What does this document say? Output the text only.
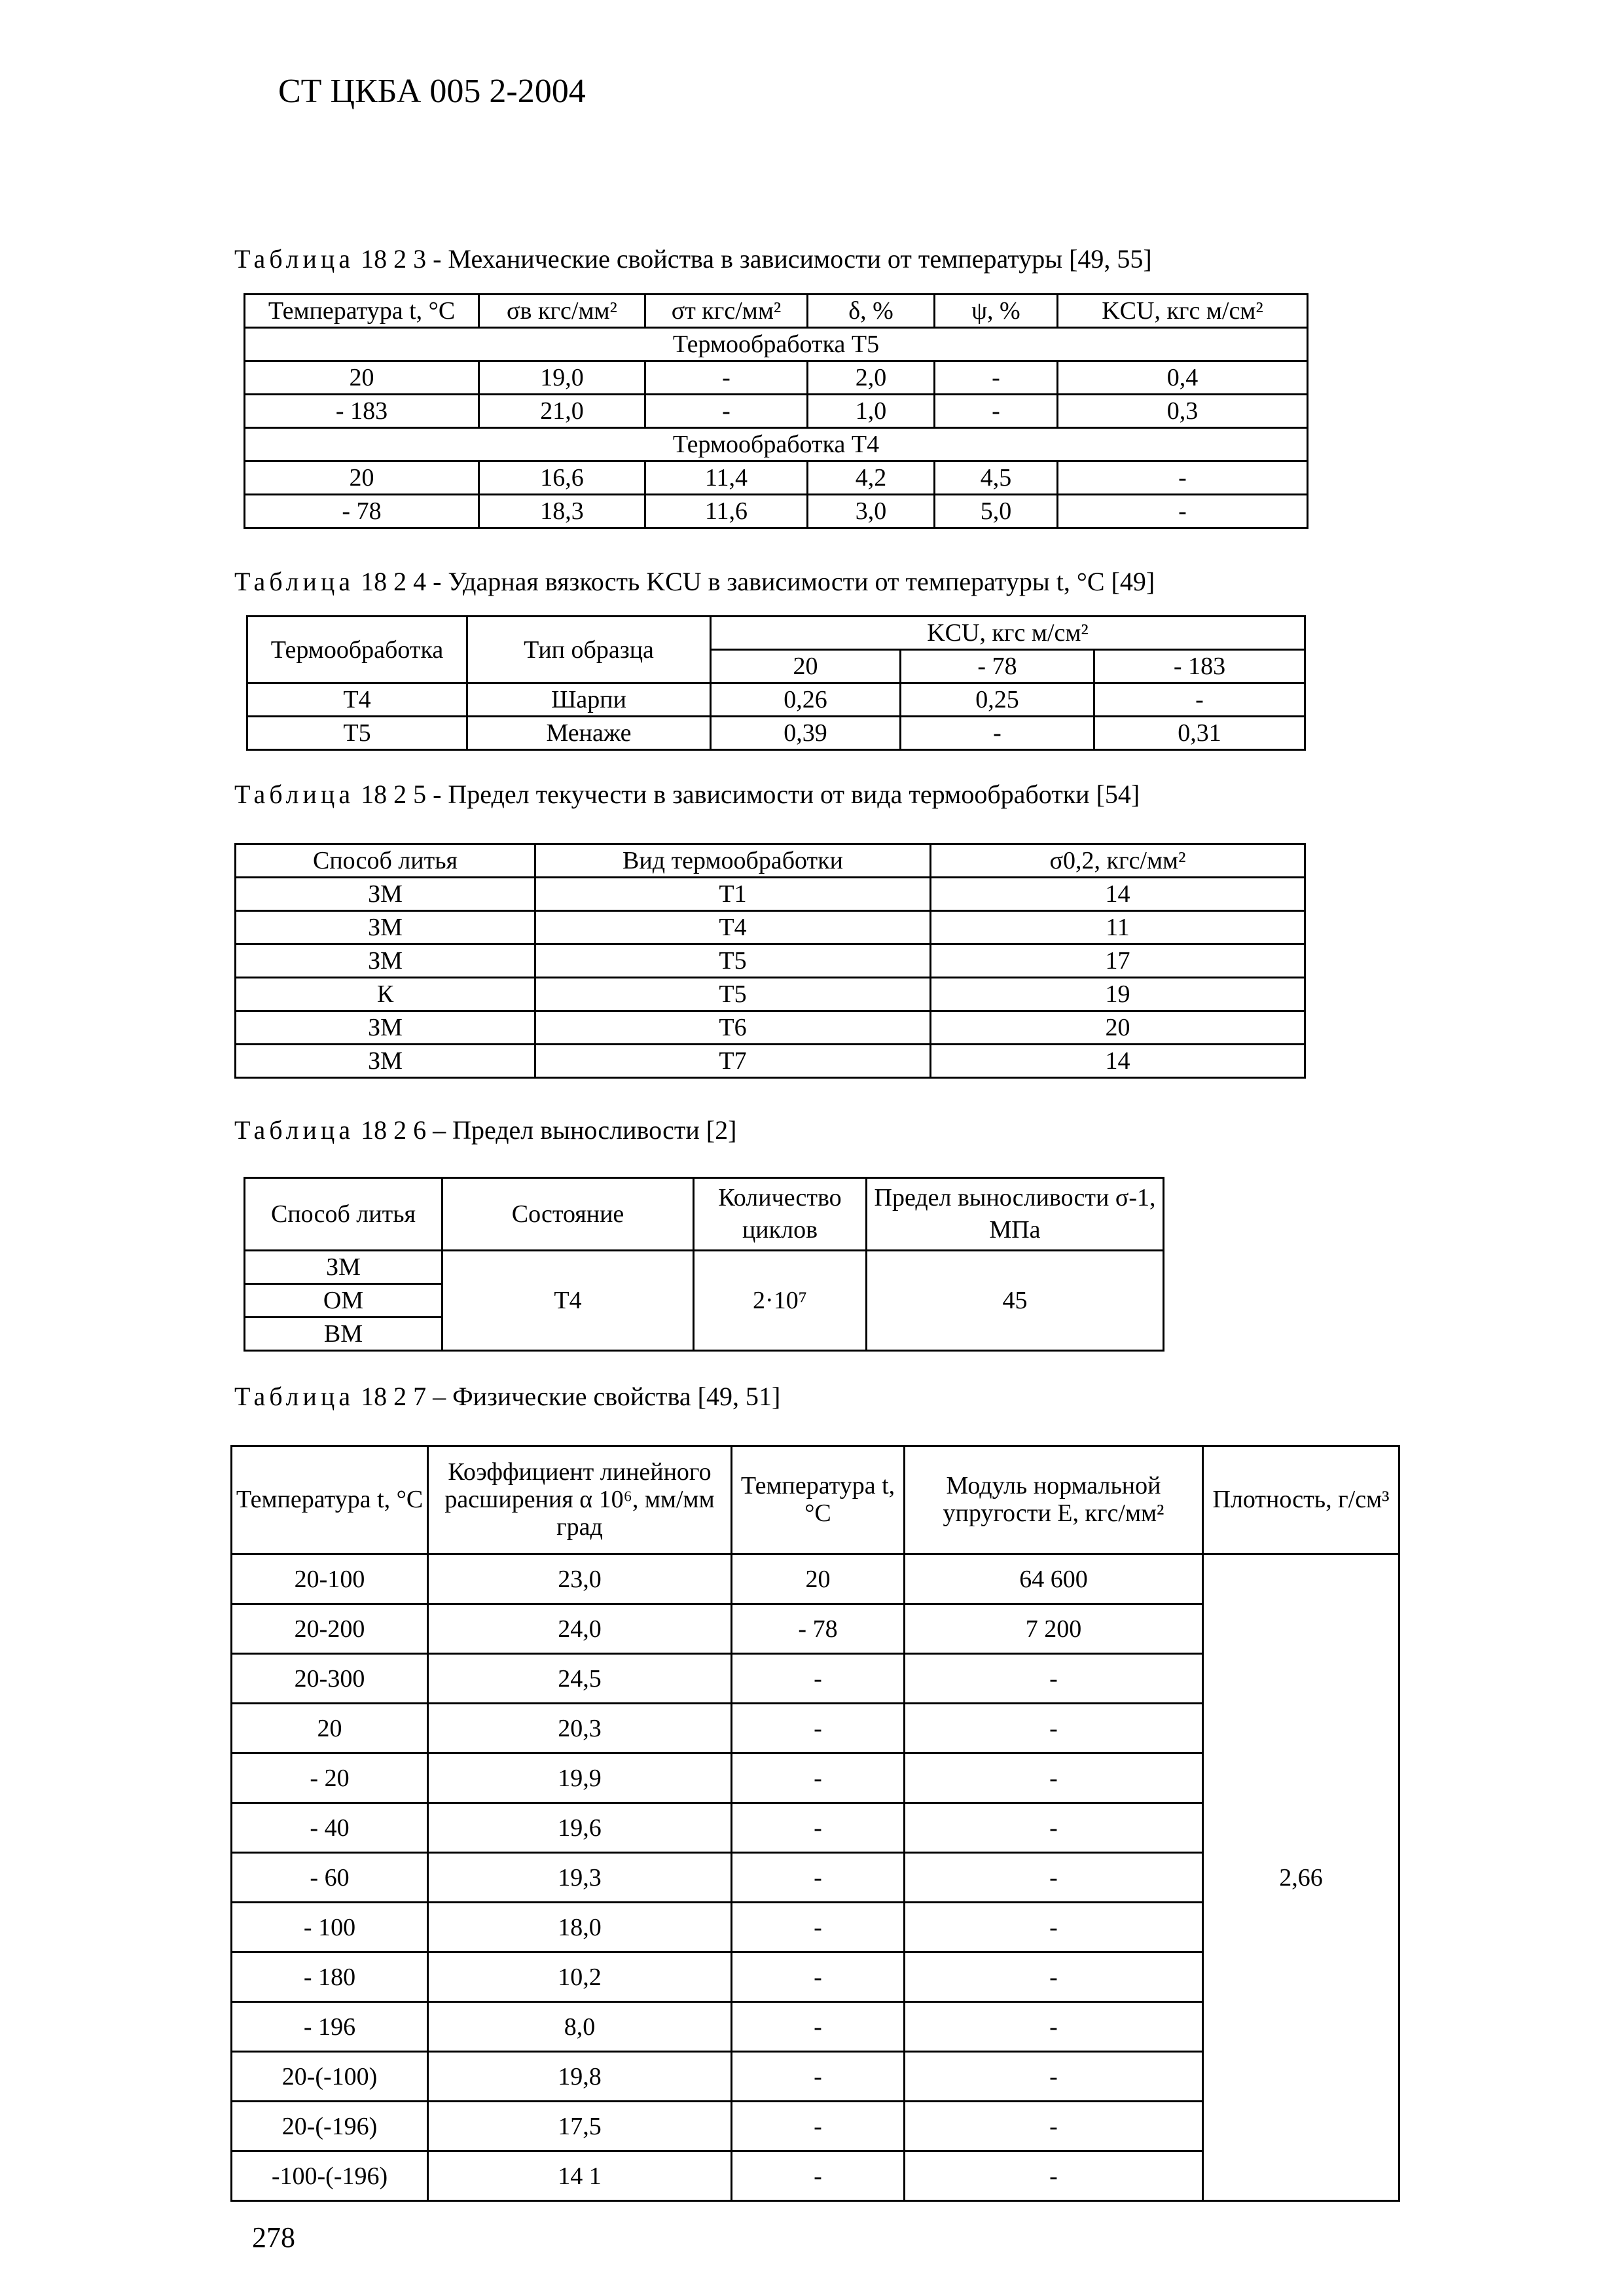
СТ ЦКБА 005 2-2004
Таблица 18 2 3 - Механические свойства в зависимости от температуры [49, 55]
Температура t, °C	σв кгс/мм²	σт кгс/мм²	δ, %	ψ, %	KCU, кгс м/см²
Термообработка T5					
20	19,0	-	2,0	-	0,4
- 183	21,0	-	1,0	-	0,3
Термообработка T4					
20	16,6	11,4	4,2	4,5	-
- 78	18,3	11,6	3,0	5,0	-
Таблица 18 2 4 - Ударная вязкость KCU в зависимости от температуры t, °C [49]
Термообработка	Тип образца	KCU, кгс м/см²		
		20	- 78	- 183
T4	Шарпи	0,26	0,25	-
T5	Менаже	0,39	-	0,31
Таблица 18 2 5 - Предел текучести в зависимости от вида термообработки [54]
Способ литья	Вид термообработки	σ0,2, кгс/мм²
ЗМ	T1	14
ЗМ	T4	11
ЗМ	T5	17
К	T5	19
ЗМ	T6	20
ЗМ	T7	14
Таблица 18 2 6 – Предел выносливости [2]
Способ литья	Состояние	Количество циклов	Предел выносливости σ-1, МПа
ЗМ	T4	2·10⁷	45
ОМ			
ВМ			
Таблица 18 2 7 – Физические свойства [49, 51]
Температура t, °C	Коэффициент линейного расширения α 10⁶, мм/мм град	Температура t, °C	Модуль нормальной упругости E, кгс/мм²	Плотность, г/см³
20-100	23,0	20	64 600	2,66
20-200	24,0	- 78	7 200	
20-300	24,5	-	-	
20	20,3	-	-	
- 20	19,9	-	-	
- 40	19,6	-	-	
- 60	19,3	-	-	
- 100	18,0	-	-	
- 180	10,2	-	-	
- 196	8,0	-	-	
20-(-100)	19,8	-	-	
20-(-196)	17,5	-	-	
-100-(-196)	14 1	-	-	
278
